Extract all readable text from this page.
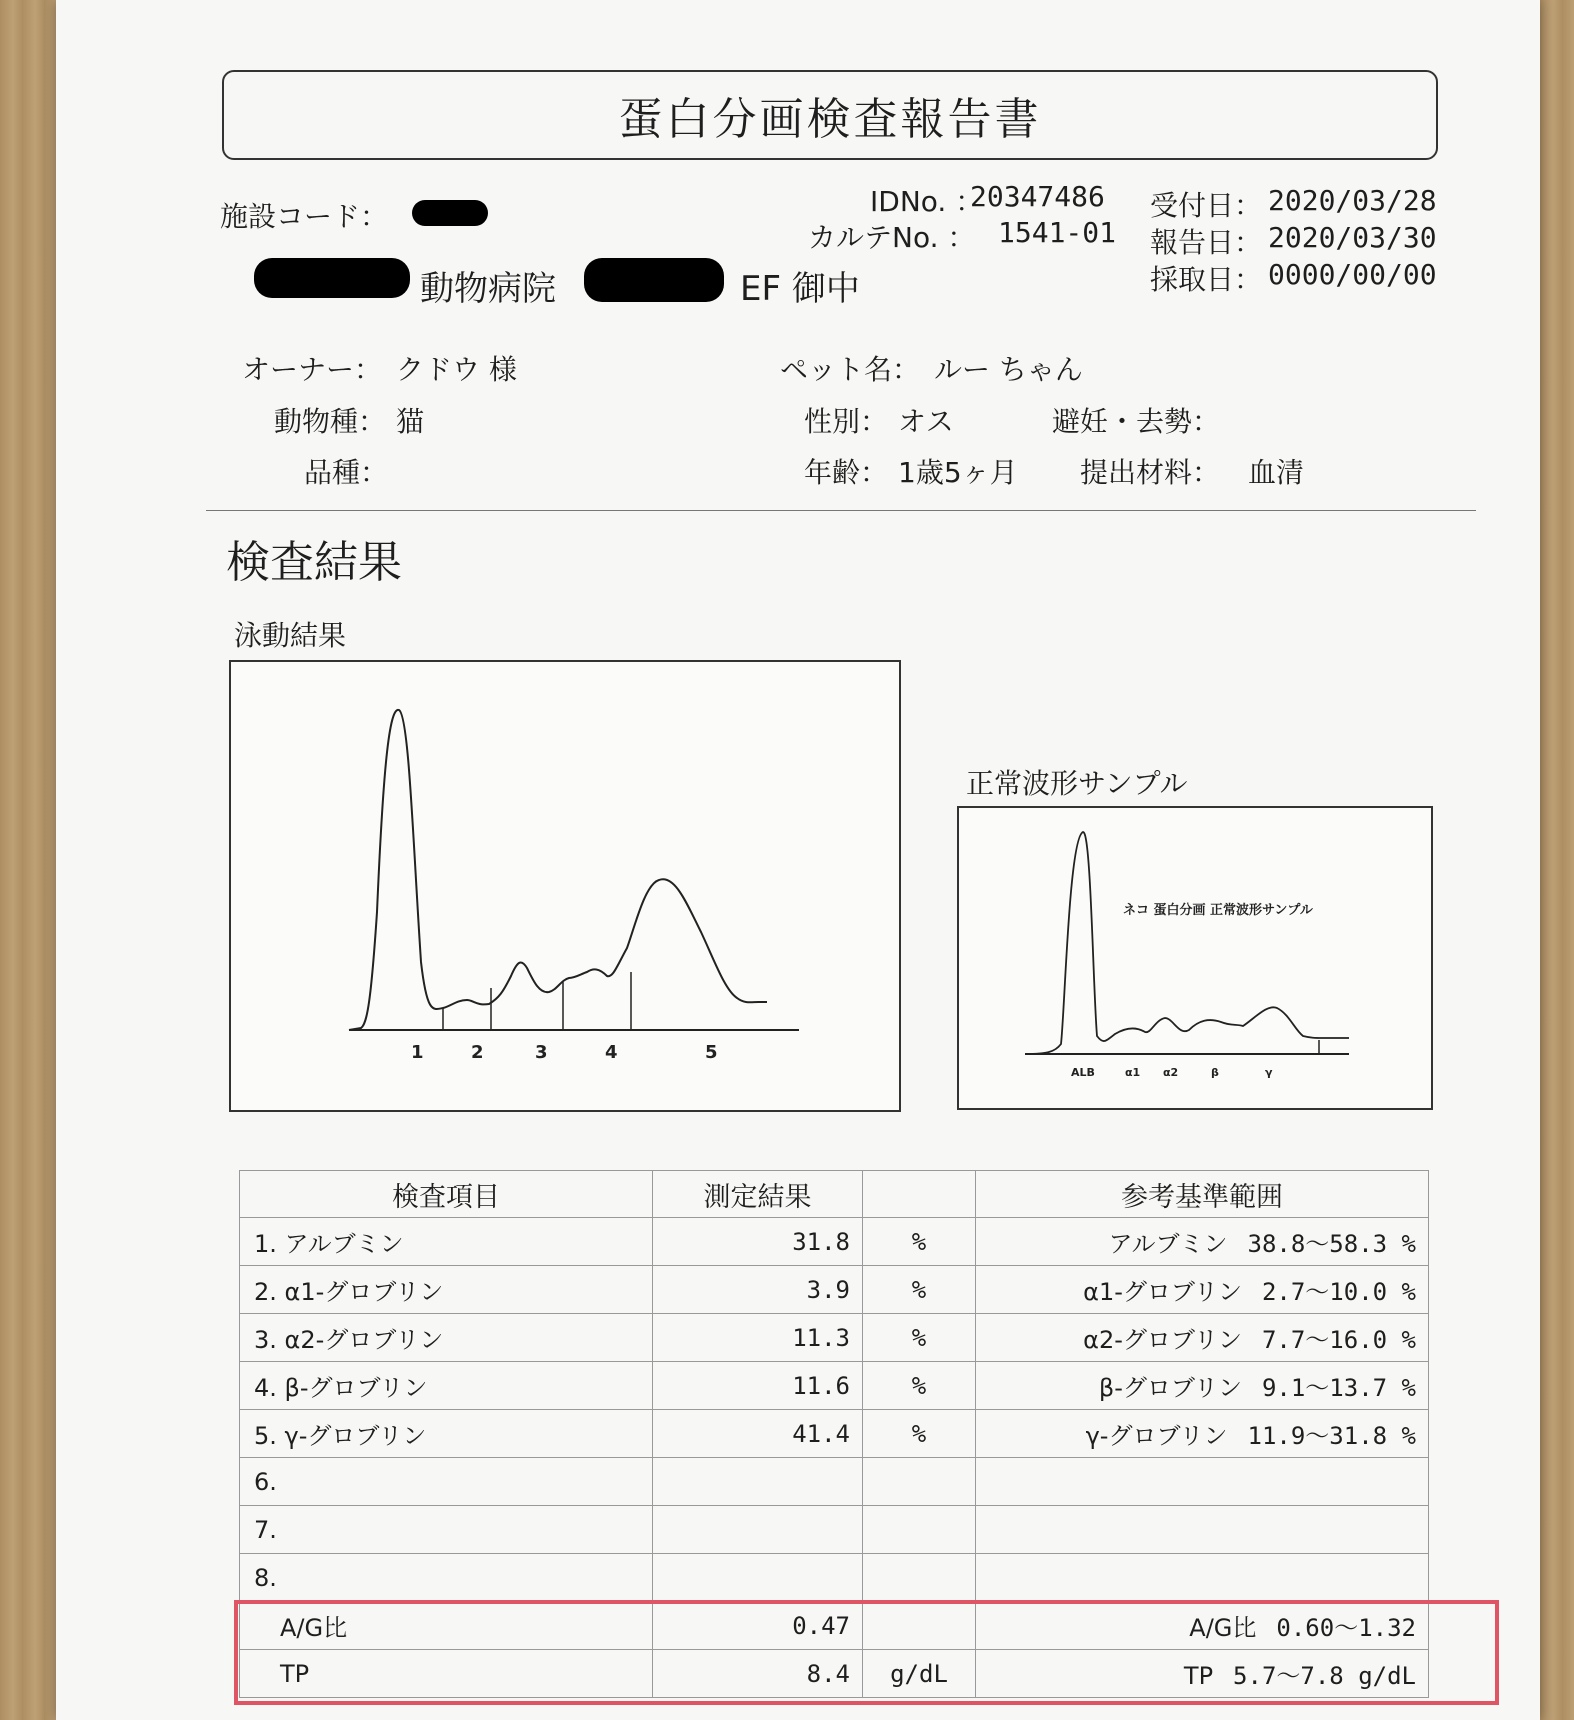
蛋白分画検査報告書
施設コード：	IDNo. ：
20347486
カルテNo. ： 1541-01
受付日： 2020/03/28
報告日： 2020/03/30
採取日： 0000/00/00
動物病院	EF 御中
オーナー： クドウ 様
動物種： 猫
品種：
ペット名： ルー ちゃん
性別： オス	避妊・去勢：
年齢： 1歳5ヶ月 提出材料： 血清
検査結果
泳動結果
1	2	3	4	5
正常波形サンプル
ネコ 蛋白分画 正常波形サンプル
ALB	α1 α2	β	γ
検査項目	測定結果		参考基準範囲
1. アルブミン	31.8	%	アルブミン 38.8～58.3 %
2. α1-グロブリン	3.9	%	α1-グロブリン 2.7～10.0 %
3. α2-グロブリン	11.3	%	α2-グロブリン 7.7～16.0 %
4. β-グロブリン	11.6	%	β-グロブリン 9.1～13.7 %
5. γ-グロブリン	41.4	%	γ-グロブリン 11.9～31.8 %
6.			
7.			
8.			
A/G比	0.47		A/G比 0.60～1.32
TP	8.4	g/dL	TP 5.7～7.8 g/dL
